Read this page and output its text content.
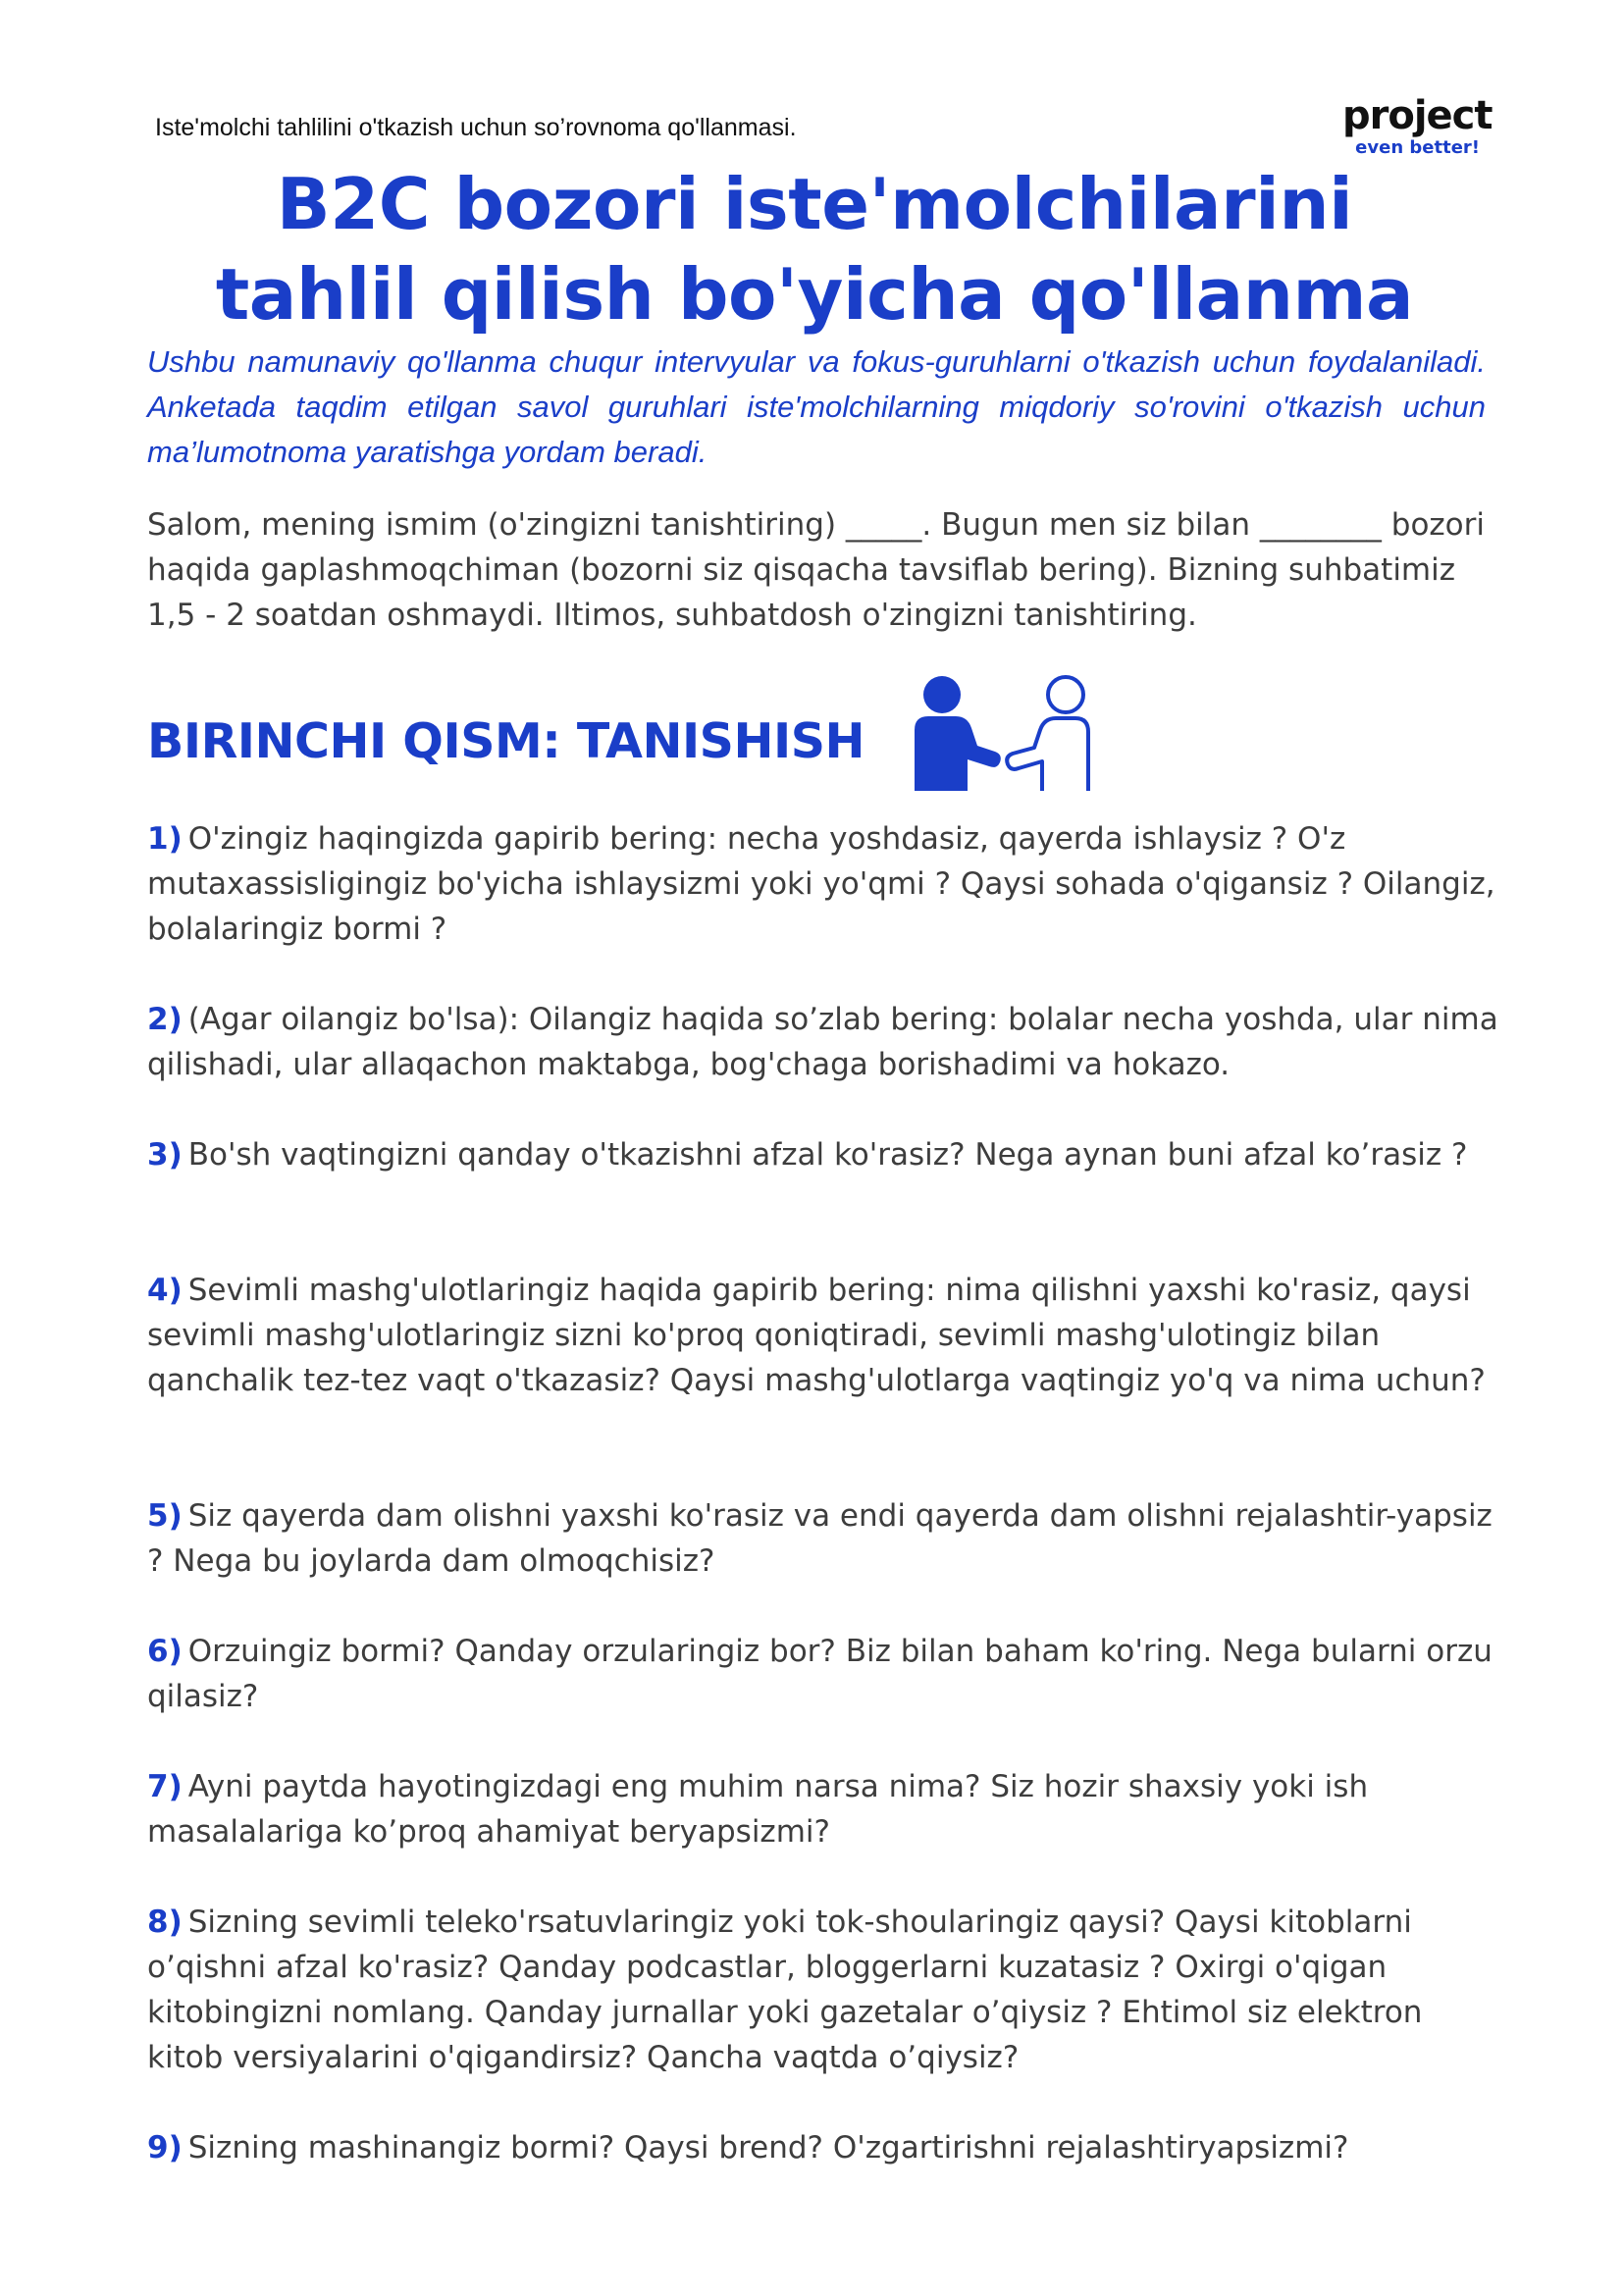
Iste'molchi tahlilini o'tkazish uchun so’rovnoma qo'llanmasi.	project
even better!
B2C bozori iste'molchilarini
tahlil qilish bo'yicha qo'llanma

Ushbu namunaviy qo'llanma chuqur intervyular va fokus-guruhlarni o'tkazish uchun foydalaniladi. Anketada taqdim etilgan savol guruhlari iste'molchilarning miqdoriy so'rovini o'tkazish uchun ma’lumotnoma yaratishga yordam beradi.

Salom, mening ismim (o'zingizni tanishtiring) _____. Bugun men siz bilan ________ bozori haqida gaplashmoqchiman (bozorni siz qisqacha tavsiflab bering). Bizning suhbatimiz 1,5 - 2 soatdan oshmaydi. Iltimos, suhbatdosh o'zingizni tanishtiring.

BIRINCHI QISM: TANISHISH
1) O'zingiz haqingizda gapirib bering: necha yoshdasiz, qayerda ishlaysiz ? O'z mutaxassisligingiz bo'yicha ishlaysizmi yoki yo'qmi ? Qaysi sohada o'qigansiz ? Oilangiz, bolalaringiz bormi ?
2) (Agar oilangiz bo'lsa): Oilangiz haqida so’zlab bering: bolalar necha yoshda, ular nima qilishadi, ular allaqachon maktabga, bog'chaga borishadimi va hokazo.
3) Bo'sh vaqtingizni qanday o'tkazishni afzal ko'rasiz? Nega aynan buni afzal ko’rasiz ?
4) Sevimli mashg'ulotlaringiz haqida gapirib bering: nima qilishni yaxshi ko'rasiz, qaysi sevimli mashg'ulotlaringiz sizni ko'proq qoniqtiradi, sevimli mashg'ulotingiz bilan qanchalik tez-tez vaqt o'tkazasiz? Qaysi mashg'ulotlarga vaqtingiz yo'q va nima uchun?
5) Siz qayerda dam olishni yaxshi ko'rasiz va endi qayerda dam olishni rejalashtir-yapsiz ? Nega bu joylarda dam olmoqchisiz?
6) Orzuingiz bormi? Qanday orzularingiz bor? Biz bilan baham ko'ring. Nega bularni orzu qilasiz?
7) Ayni paytda hayotingizdagi eng muhim narsa nima? Siz hozir shaxsiy yoki ish masalalariga ko’proq ahamiyat beryapsizmi?
8) Sizning sevimli teleko'rsatuvlaringiz yoki tok-shoularingiz qaysi? Qaysi kitoblarni o’qishni afzal ko'rasiz? Qanday podcastlar, bloggerlarni kuzatasiz ? Oxirgi o'qigan kitobingizni nomlang. Qanday jurnallar yoki gazetalar o’qiysiz ? Ehtimol siz elektron kitob versiyalarini o'qigandirsiz? Qancha vaqtda o’qiysiz?
9) Sizning mashinangiz bormi? Qaysi brend? O'zgartirishni rejalashtiryapsizmi?
